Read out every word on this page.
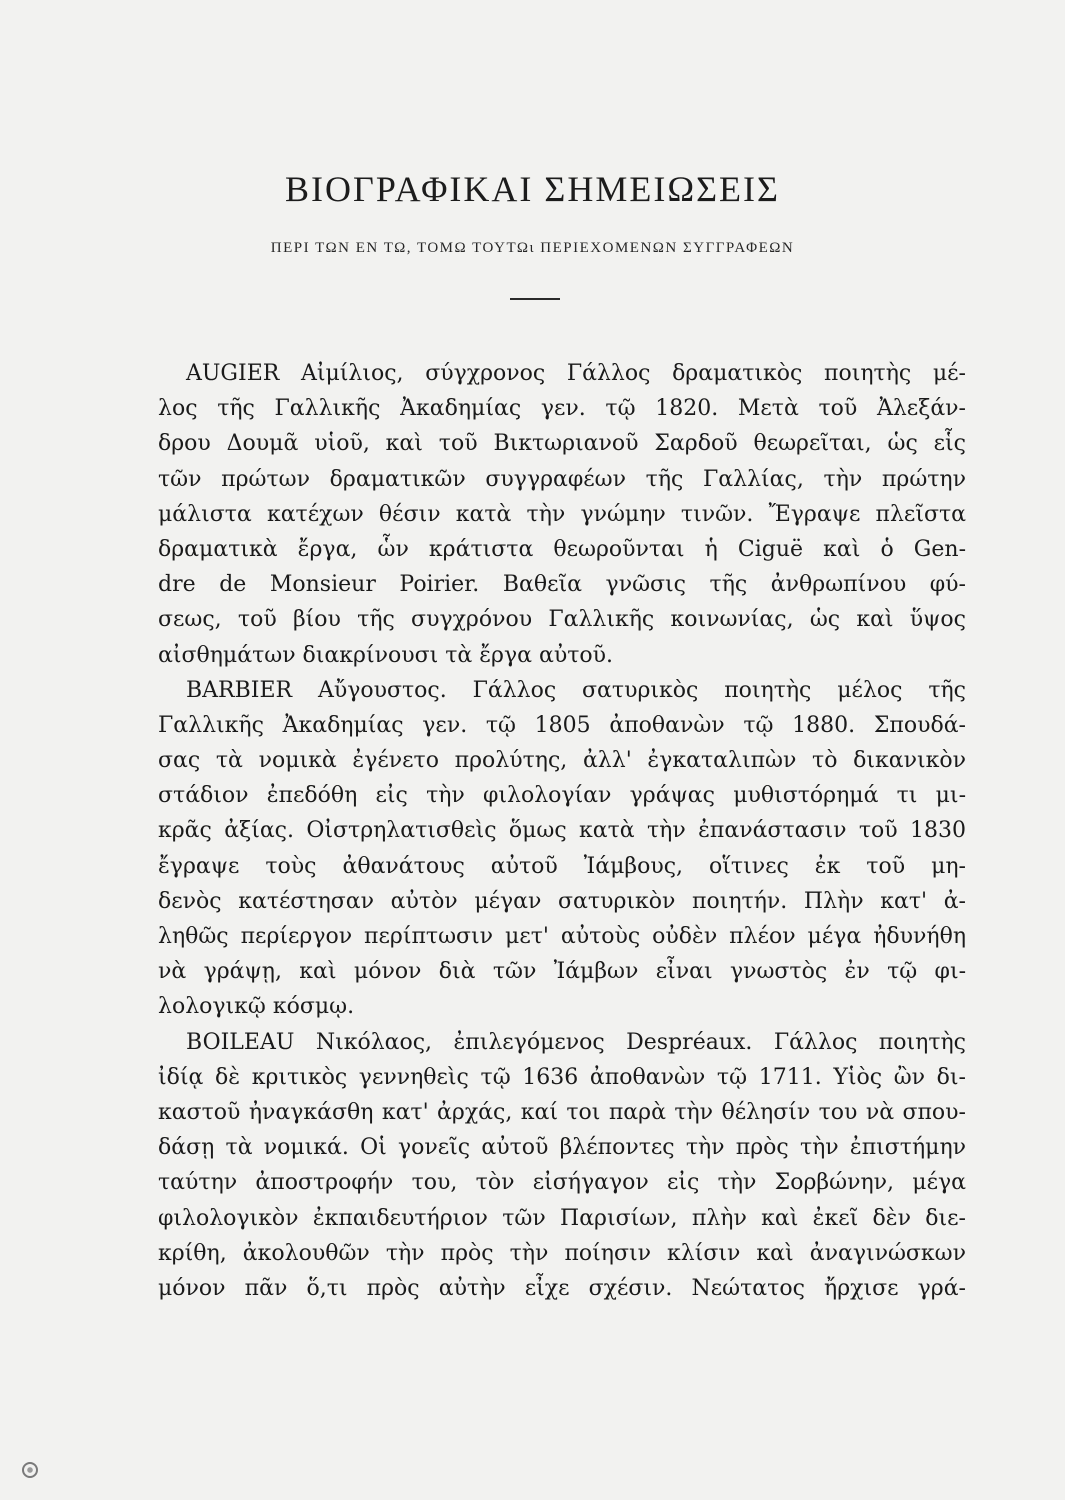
ΒΙΟΓΡΑΦΙΚΑΙ ΣΗΜΕΙΩΣΕΙΣ
ΠΕΡΙ ΤΩΝ ΕΝ ΤΩ, ΤΟΜΩ ΤΟΥΤΩι ΠΕΡΙΕΧΟΜΕΝΩΝ ΣΥΓΓΡΑΦΕΩΝ
AUGIER Αἰμίλιος, σύγχρονος Γάλλος δραματικὸς ποιητὴς μέ-
λος τῆς Γαλλικῆς Ἀκαδημίας γεν. τῷ 1820. Μετὰ τοῦ Ἀλεξάν-
δρου Δουμᾶ υἱοῦ, καὶ τοῦ Βικτωριανοῦ Σαρδοῦ θεωρεῖται, ὡς εἷς
τῶν πρώτων δραματικῶν συγγραφέων τῆς Γαλλίας, τὴν πρώτην
μάλιστα κατέχων θέσιν κατὰ τὴν γνώμην τινῶν. Ἔγραψε πλεῖστα
δραματικὰ ἔργα, ὧν κράτιστα θεωροῦνται ἡ Ciguë καὶ ὁ Gen-
dre de Monsieur Poirier. Βαθεῖα γνῶσις τῆς ἀνθρωπίνου φύ-
σεως, τοῦ βίου τῆς συγχρόνου Γαλλικῆς κοινωνίας, ὡς καὶ ὕψος
αἰσθημάτων διακρίνουσι τὰ ἔργα αὐτοῦ.
BARBIER Αὔγουστος. Γάλλος σατυρικὸς ποιητὴς μέλος τῆς
Γαλλικῆς Ἀκαδημίας γεν. τῷ 1805 ἀποθανὼν τῷ 1880. Σπουδά-
σας τὰ νομικὰ ἐγένετο προλύτης, ἀλλ' ἐγκαταλιπὼν τὸ δικανικὸν
στάδιον ἐπεδόθη εἰς τὴν φιλολογίαν γράψας μυθιστόρημά τι μι-
κρᾶς ἀξίας. Οἰστρηλατισθεὶς ὅμως κατὰ τὴν ἐπανάστασιν τοῦ 1830
ἔγραψε τοὺς ἀθανάτους αὐτοῦ Ἰάμβους, οἵτινες ἐκ τοῦ μη-
δενὸς κατέστησαν αὐτὸν μέγαν σατυρικὸν ποιητήν. Πλὴν κατ' ἀ-
ληθῶς περίεργον περίπτωσιν μετ' αὐτοὺς οὐδὲν πλέον μέγα ἠδυνήθη
νὰ γράψῃ, καὶ μόνον διὰ τῶν Ἰάμβων εἶναι γνωστὸς ἐν τῷ φι-
λολογικῷ κόσμῳ.
BOILEAU Νικόλαος, ἐπιλεγόμενος Despréaux. Γάλλος ποιητὴς
ἰδίᾳ δὲ κριτικὸς γεννηθεὶς τῷ 1636 ἀποθανὼν τῷ 1711. Υἱὸς ὢν δι-
καστοῦ ἠναγκάσθη κατ' ἀρχάς, καί τοι παρὰ τὴν θέλησίν του νὰ σπου-
δάσῃ τὰ νομικά. Οἱ γονεῖς αὐτοῦ βλέποντες τὴν πρὸς τὴν ἐπιστήμην
ταύτην ἀποστροφήν του, τὸν εἰσήγαγον εἰς τὴν Σορβώνην, μέγα
φιλολογικὸν ἐκπαιδευτήριον τῶν Παρισίων, πλὴν καὶ ἐκεῖ δὲν διε-
κρίθη, ἀκολουθῶν τὴν πρὸς τὴν ποίησιν κλίσιν καὶ ἀναγινώσκων
μόνον πᾶν ὅ,τι πρὸς αὐτὴν εἶχε σχέσιν. Νεώτατος ἤρχισε γρά-
